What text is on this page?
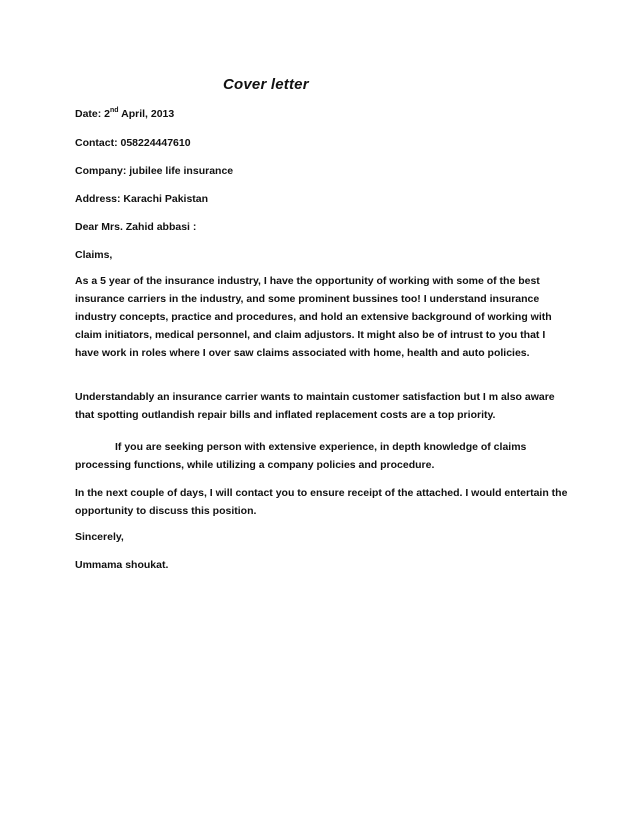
Cover letter

Date: 2nd April, 2013

Contact: 058224447610

Company: jubilee life insurance

Address: Karachi Pakistan

Dear Mrs. Zahid abbasi :

Claims,

As a 5 year of the insurance industry, I have the opportunity of working with some of the best insurance carriers in the industry, and some prominent bussines too! I understand insurance industry concepts, practice and procedures, and hold an extensive background of working with claim initiators, medical personnel, and claim adjustors. It might also be of intrust to you that I have work in roles where I over saw claims associated with home, health and auto policies.

Understandably an insurance carrier wants to maintain customer satisfaction but I m also aware that spotting outlandish repair bills and inflated replacement costs are a top priority.

If you are seeking person with extensive experience, in depth knowledge of claims processing functions, while utilizing a company policies and procedure.

In the next couple of days, I will contact you to ensure receipt of the attached. I would entertain the opportunity to discuss this position.

Sincerely,

Ummama shoukat.
